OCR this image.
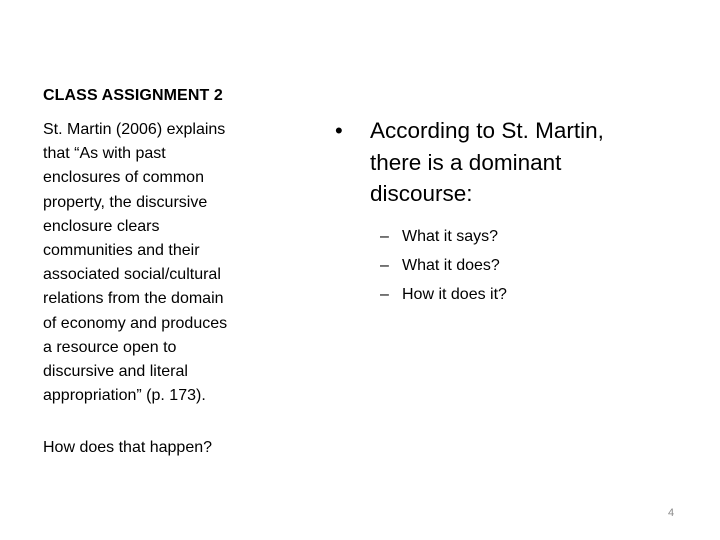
CLASS ASSIGNMENT 2

St. Martin (2006) explains
that “As with past
enclosures of common
property, the discursive
enclosure clears
communities and their
associated social/cultural
relations from the domain
of economy and produces
a resource open to
discursive and literal
appropriation” (p. 173).

How does that happen?
•	According to St. Martin,
there is a dominant
discourse:
– What it says?
– What it does?
– How it does it?
4
